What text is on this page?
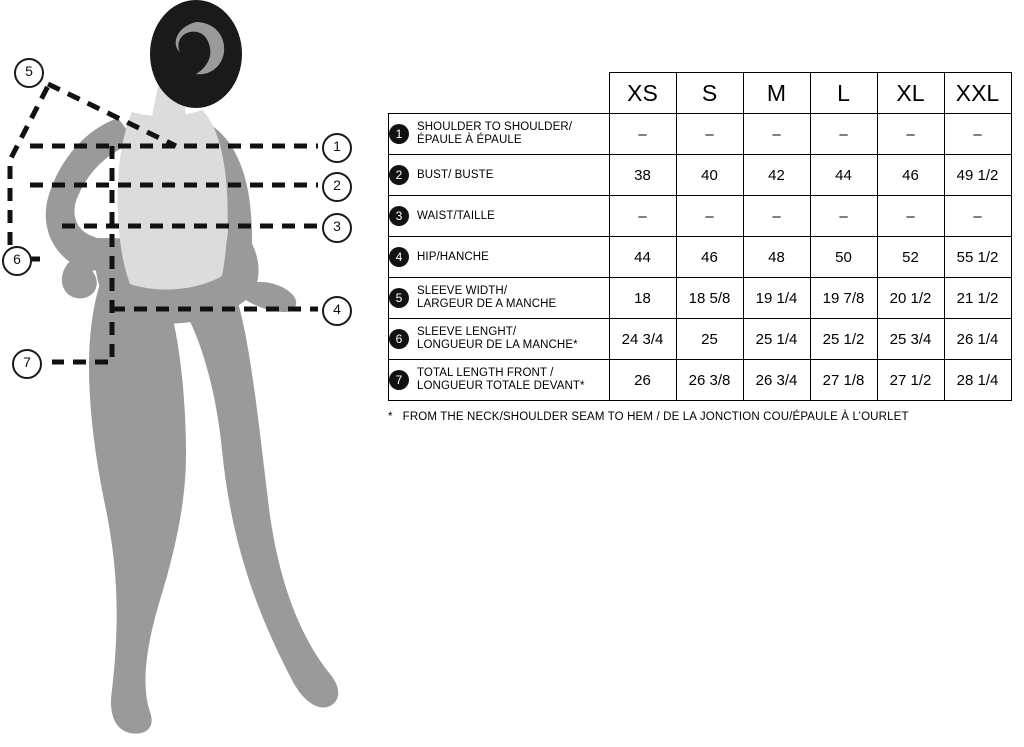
5
1
2
3
6
4
7
	XS	S	M	L	XL	XXL

1 SHOULDER TO SHOULDER/
ÉPAULE À ÉPAULE	–	–	–	–	–	–

2 BUST/ BUSTE	38	40	42	44	46	49 1/2

3 WAIST/TAILLE	–	–	–	–	–	–

4 HIP/HANCHE	44	46	48	50	52	55 1/2

5 SLEEVE WIDTH/
LARGEUR DE A MANCHE	18	18 5/8	19 1/4	19 7/8	20 1/2	21 1/2

6 SLEEVE LENGHT/
LONGUEUR DE LA MANCHE*	24 3/4	25	25 1/4	25 1/2	25 3/4	26 1/4

7 TOTAL LENGTH FRONT /
LONGUEUR TOTALE DEVANT*	26	26 3/8	26 3/4	27 1/8	27 1/2	28 1/4
* FROM THE NECK/SHOULDER SEAM TO HEM / DE LA JONCTION COU/ÉPAULE À L’OURLET
